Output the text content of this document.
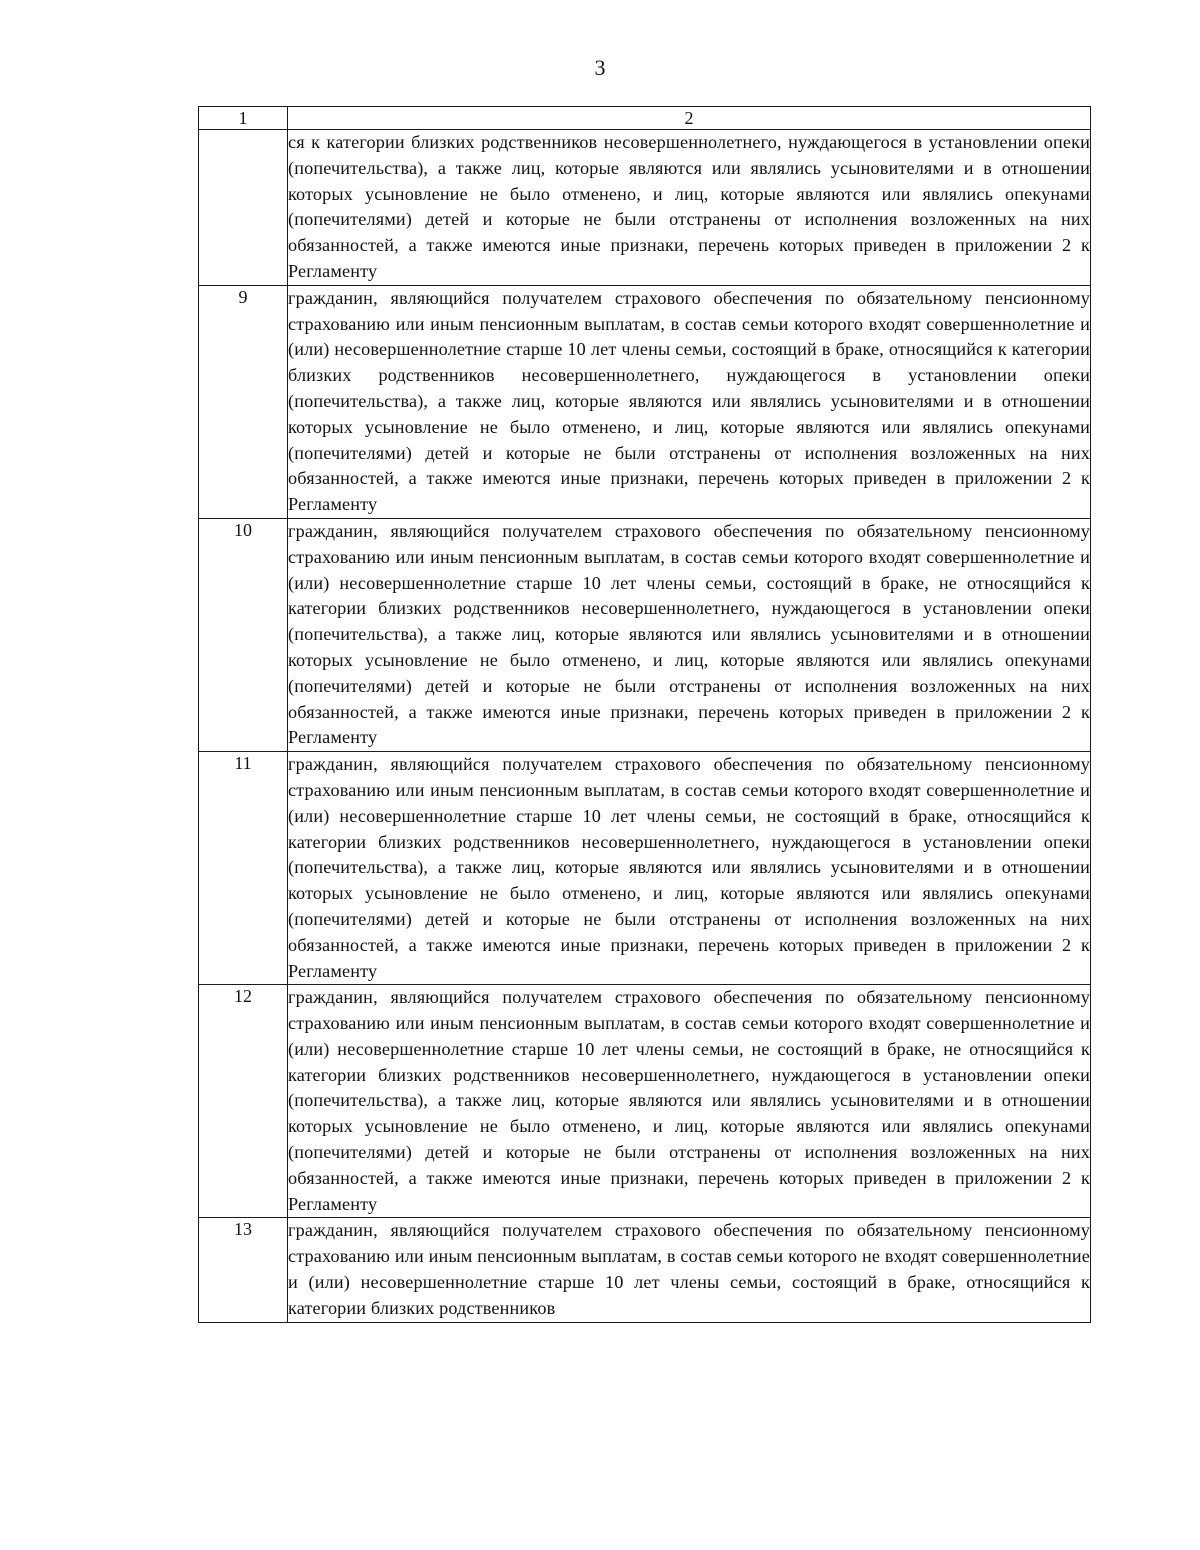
3
1	2
	ся к категории близких родственников несовершеннолетнего, нуждающегося в установлении опеки (попечительства), а также лиц, которые являются или являлись усыновителями и в отношении которых усыновление не было отменено, и лиц, которые являются или являлись опекунами (попечителями) детей и которые не были отстранены от исполнения возложенных на них обязанностей, а также имеются иные признаки, перечень которых приведен в приложении 2 к Регламенту
9	гражданин, являющийся получателем страхового обеспечения по обязательному пенсионному страхованию или иным пенсионным выплатам, в состав семьи которого входят совершеннолетние и (или) несовершеннолетние старше 10 лет члены семьи, состоящий в браке, относящийся к категории близких родственников несовершеннолетнего, нуждающегося в установлении опеки (попечительства), а также лиц, которые являются или являлись усыновителями и в отношении которых усыновление не было отменено, и лиц, которые являются или являлись опекунами (попечителями) детей и которые не были отстранены от исполнения возложенных на них обязанностей, а также имеются иные признаки, перечень которых приведен в приложении 2 к Регламенту
10	гражданин, являющийся получателем страхового обеспечения по обязательному пенсионному страхованию или иным пенсионным выплатам, в состав семьи которого входят совершеннолетние и (или) несовершеннолетние старше 10 лет члены семьи, состоящий в браке, не относящийся к категории близких родственников несовершеннолетнего, нуждающегося в установлении опеки (попечительства), а также лиц, которые являются или являлись усыновителями и в отношении которых усыновление не было отменено, и лиц, которые являются или являлись опекунами (попечителями) детей и которые не были отстранены от исполнения возложенных на них обязанностей, а также имеются иные признаки, перечень которых приведен в приложении 2 к Регламенту
11	гражданин, являющийся получателем страхового обеспечения по обязательному пенсионному страхованию или иным пенсионным выплатам, в состав семьи которого входят совершеннолетние и (или) несовершеннолетние старше 10 лет члены семьи, не состоящий в браке, относящийся к категории близких родственников несовершеннолетнего, нуждающегося в установлении опеки (попечительства), а также лиц, которые являются или являлись усыновителями и в отношении которых усыновление не было отменено, и лиц, которые являются или являлись опекунами (попечителями) детей и которые не были отстранены от исполнения возложенных на них обязанностей, а также имеются иные признаки, перечень которых приведен в приложении 2 к Регламенту
12	гражданин, являющийся получателем страхового обеспечения по обязательному пенсионному страхованию или иным пенсионным выплатам, в состав семьи которого входят совершеннолетние и (или) несовершеннолетние старше 10 лет члены семьи, не состоящий в браке, не относящийся к категории близких родственников несовершеннолетнего, нуждающегося в установлении опеки (попечительства), а также лиц, которые являются или являлись усыновителями и в отношении которых усыновление не было отменено, и лиц, которые являются или являлись опекунами (попечителями) детей и которые не были отстранены от исполнения возложенных на них обязанностей, а также имеются иные признаки, перечень которых приведен в приложении 2 к Регламенту
13	гражданин, являющийся получателем страхового обеспечения по обязательному пенсионному страхованию или иным пенсионным выплатам, в состав семьи которого не входят совершеннолетние и (или) несовершеннолетние старше 10 лет члены семьи, состоящий в браке, относящийся к категории близких родственников
